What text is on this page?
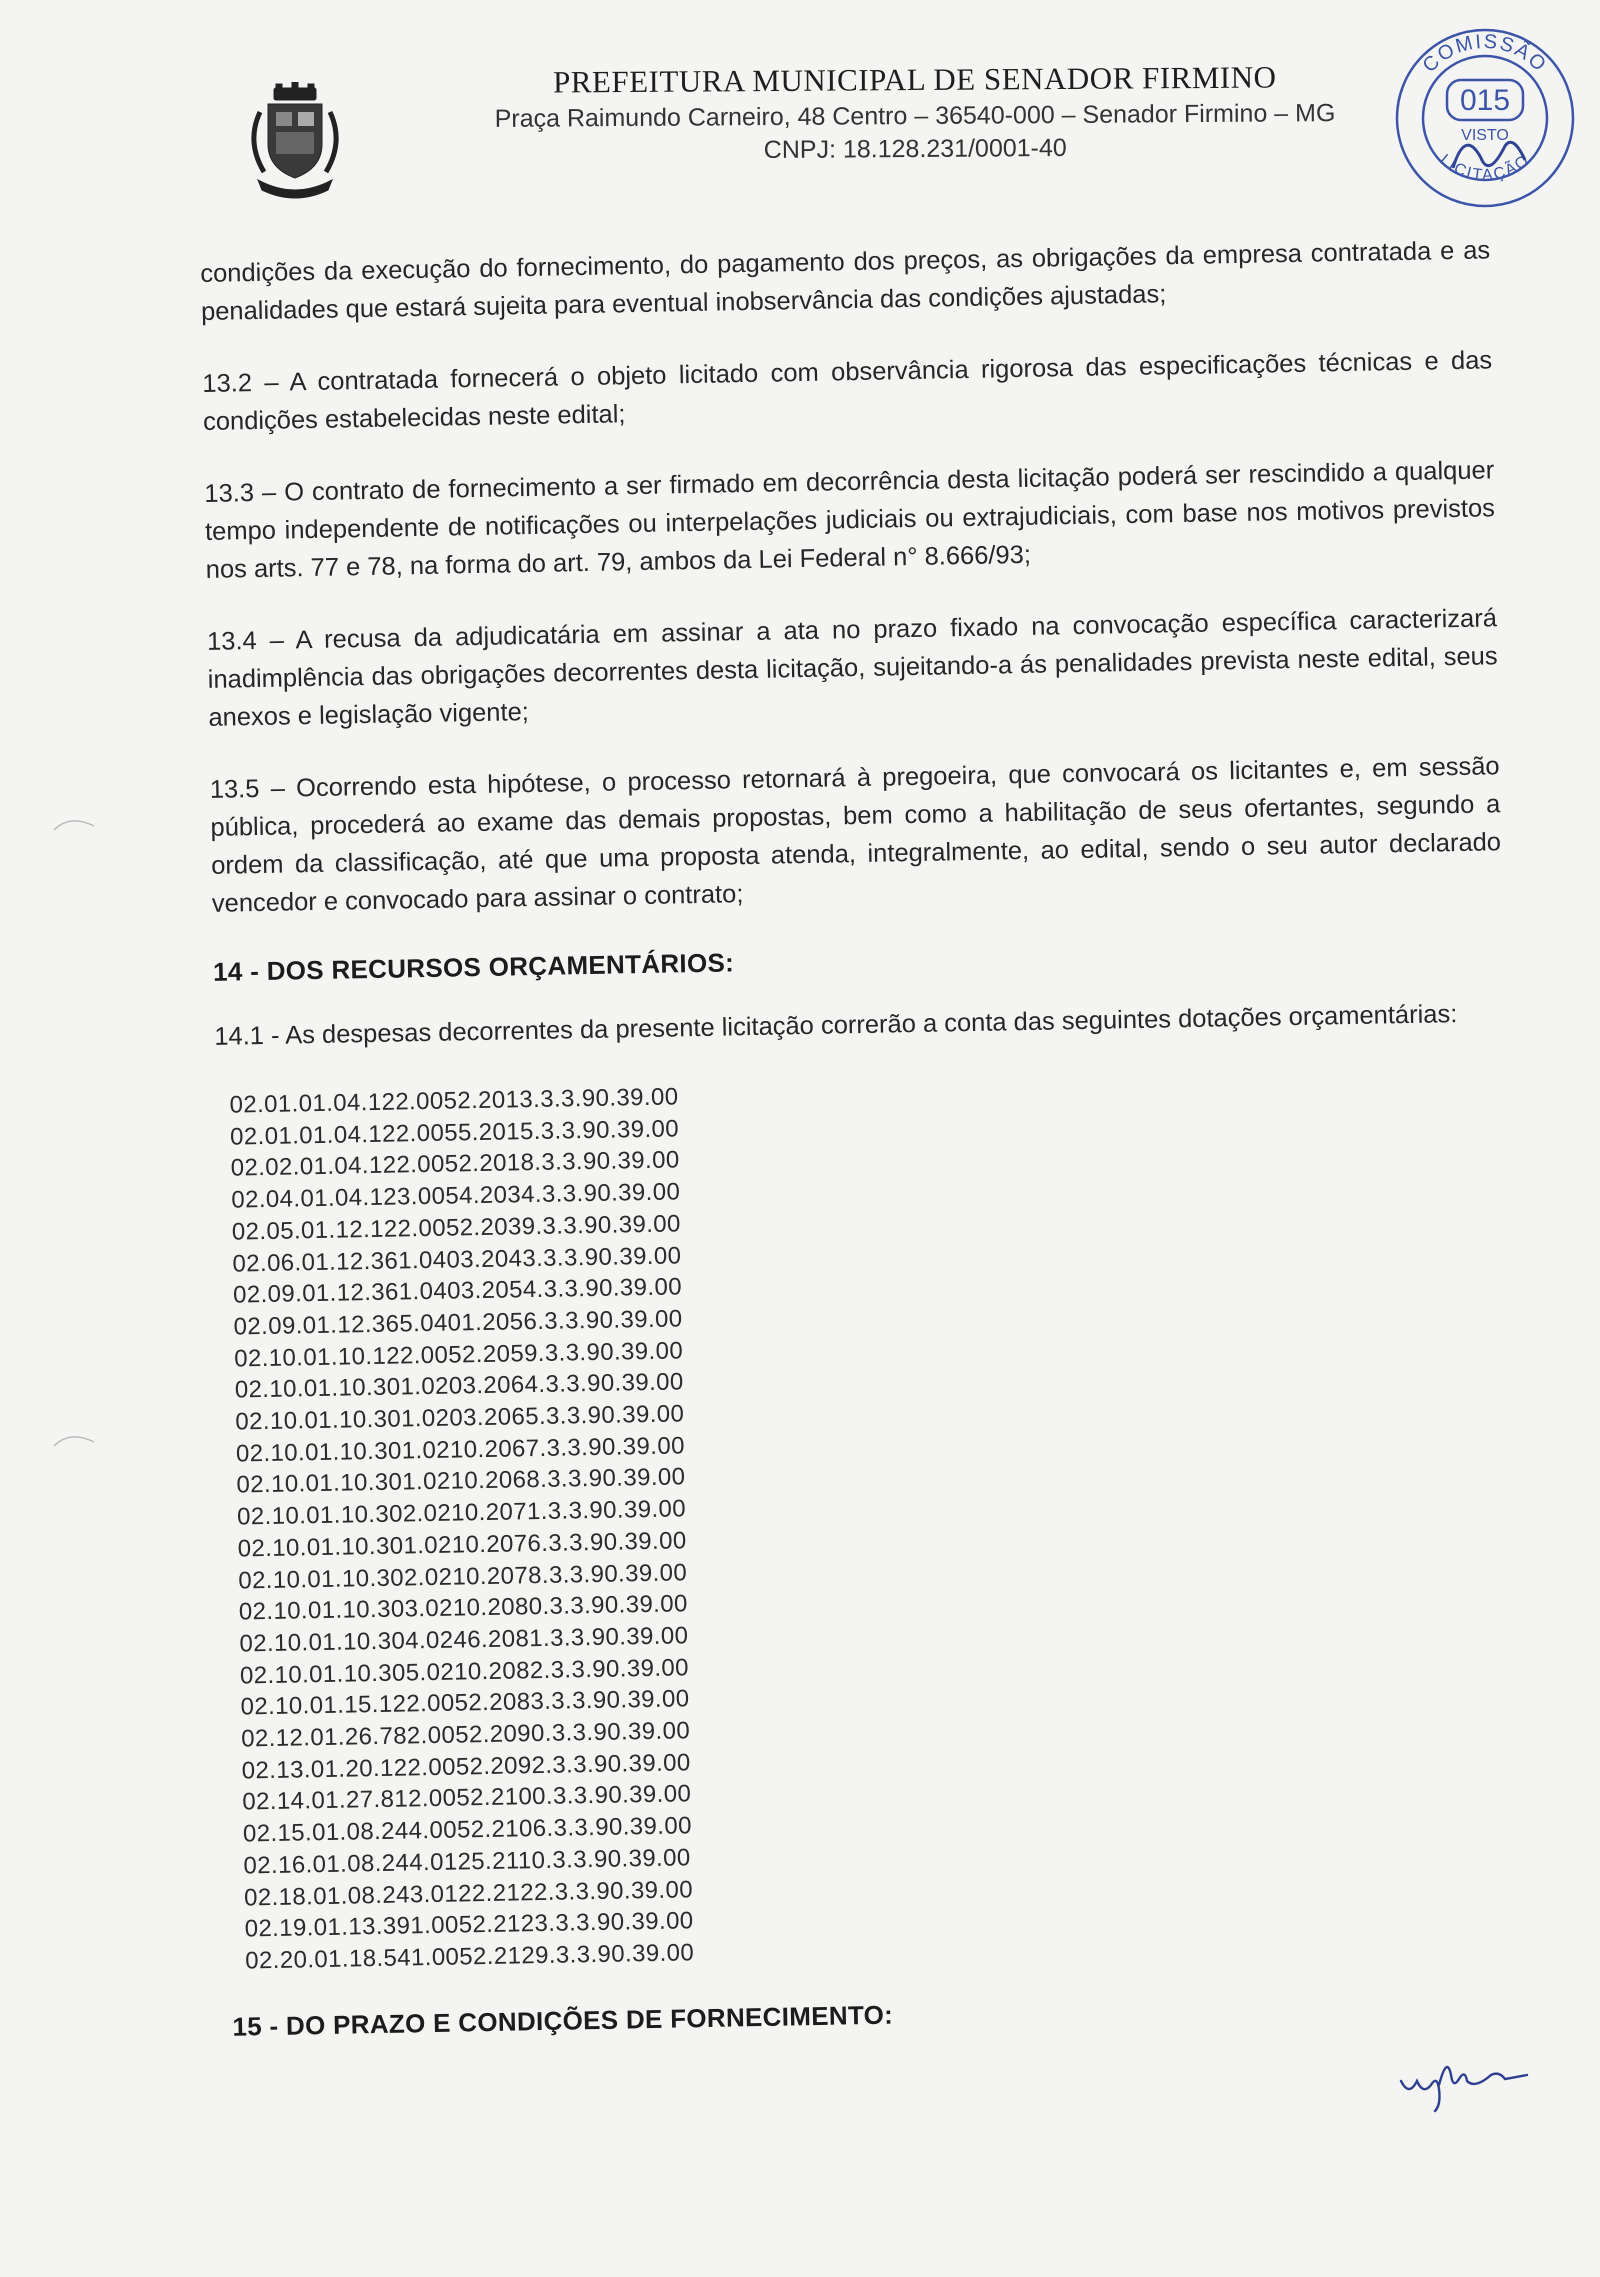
PREFEITURA MUNICIPAL DE SENADOR FIRMINO

Praça Raimundo Carneiro, 48 Centro – 36540-000 – Senador Firmino – MG

CNPJ: 18.128.231/0001-40

COMISSÃO
015
VISTO
LICITAÇÃO

condições da execução do fornecimento, do pagamento dos preços, as obrigações da empresa contratada e as penalidades que estará sujeita para eventual inobservância das condições ajustadas;

13.2 – A contratada fornecerá o objeto licitado com observância rigorosa das especificações técnicas e das condições estabelecidas neste edital;

13.3 – O contrato de fornecimento a ser firmado em decorrência desta licitação poderá ser rescindido a qualquer tempo independente de notificações ou interpelações judiciais ou extrajudiciais, com base nos motivos previstos nos arts. 77 e 78, na forma do art. 79, ambos da Lei Federal n° 8.666/93;

13.4 – A recusa da adjudicatária em assinar a ata no prazo fixado na convocação específica caracterizará inadimplência das obrigações decorrentes desta licitação, sujeitando-a ás penalidades prevista neste edital, seus anexos e legislação vigente;

13.5 – Ocorrendo esta hipótese, o processo retornará à pregoeira, que convocará os licitantes e, em sessão pública, procederá ao exame das demais propostas, bem como a habilitação de seus ofertantes, segundo a ordem da classificação, até que uma proposta atenda, integralmente, ao edital, sendo o seu autor declarado vencedor e convocado para assinar o contrato;

14 - DOS RECURSOS ORÇAMENTÁRIOS:

14.1 - As despesas decorrentes da presente licitação correrão a conta das seguintes dotações orçamentárias:

02.01.01.04.122.0052.2013.3.3.90.39.00
02.01.01.04.122.0055.2015.3.3.90.39.00
02.02.01.04.122.0052.2018.3.3.90.39.00
02.04.01.04.123.0054.2034.3.3.90.39.00
02.05.01.12.122.0052.2039.3.3.90.39.00
02.06.01.12.361.0403.2043.3.3.90.39.00
02.09.01.12.361.0403.2054.3.3.90.39.00
02.09.01.12.365.0401.2056.3.3.90.39.00
02.10.01.10.122.0052.2059.3.3.90.39.00
02.10.01.10.301.0203.2064.3.3.90.39.00
02.10.01.10.301.0203.2065.3.3.90.39.00
02.10.01.10.301.0210.2067.3.3.90.39.00
02.10.01.10.301.0210.2068.3.3.90.39.00
02.10.01.10.302.0210.2071.3.3.90.39.00
02.10.01.10.301.0210.2076.3.3.90.39.00
02.10.01.10.302.0210.2078.3.3.90.39.00
02.10.01.10.303.0210.2080.3.3.90.39.00
02.10.01.10.304.0246.2081.3.3.90.39.00
02.10.01.10.305.0210.2082.3.3.90.39.00
02.10.01.15.122.0052.2083.3.3.90.39.00
02.12.01.26.782.0052.2090.3.3.90.39.00
02.13.01.20.122.0052.2092.3.3.90.39.00
02.14.01.27.812.0052.2100.3.3.90.39.00
02.15.01.08.244.0052.2106.3.3.90.39.00
02.16.01.08.244.0125.2110.3.3.90.39.00
02.18.01.08.243.0122.2122.3.3.90.39.00
02.19.01.13.391.0052.2123.3.3.90.39.00
02.20.01.18.541.0052.2129.3.3.90.39.00
15 - DO PRAZO E CONDIÇÕES DE FORNECIMENTO:
